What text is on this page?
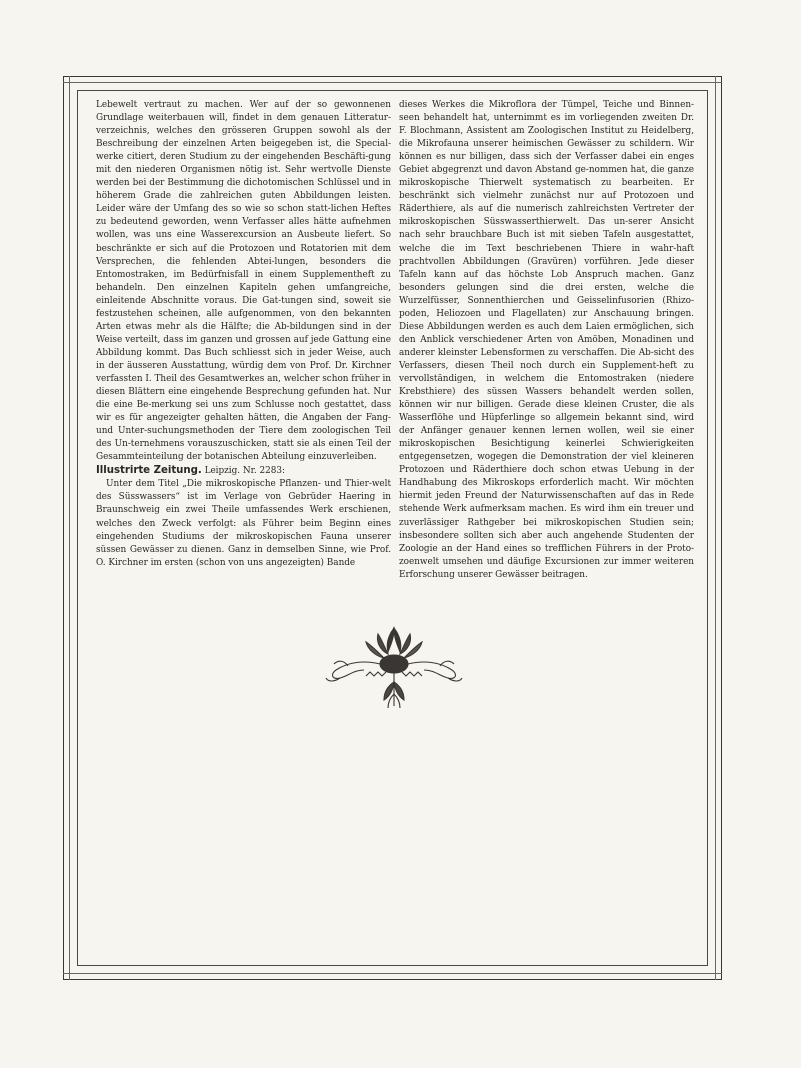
Lebewelt vertraut zu machen. Wer auf der so gewonnenen Grundlage weiterbauen will, findet in dem genauen Litteratur-verzeichnis, welches den grösseren Gruppen sowohl als der Beschreibung der einzelnen Arten beigegeben ist, die Special-werke citiert, deren Studium zu der eingehenden Beschäfti-gung mit den niederen Organismen nötig ist. Sehr wertvolle Dienste werden bei der Bestimmung die dichotomischen Schlüssel und in höherem Grade die zahlreichen guten Abbildungen leisten. Leider wäre der Umfang des so wie so schon statt-lichen Heftes zu bedeutend geworden, wenn Verfasser alles hätte aufnehmen wollen, was uns eine Wasserexcursion an Ausbeute liefert. So beschränkte er sich auf die Protozoen und Rotatorien mit dem Versprechen, die fehlenden Abtei-lungen, besonders die Entomostraken, im Bedürfnisfall in einem Supplementheft zu behandeln. Den einzelnen Kapiteln gehen umfangreiche, einleitende Abschnitte voraus. Die Gat-tungen sind, soweit sie festzustehen scheinen, alle aufgenommen, von den bekannten Arten etwas mehr als die Hälfte; die Ab-bildungen sind in der Weise verteilt, dass im ganzen und grossen auf jede Gattung eine Abbildung kommt. Das Buch schliesst sich in jeder Weise, auch in der äusseren Ausstattung, würdig dem von Prof. Dr. Kirchner verfassten I. Theil des Gesamtwerkes an, welcher schon früher in diesen Blättern eine eingehende Besprechung gefunden hat. Nur die eine Be-merkung sei uns zum Schlusse noch gestattet, dass wir es für angezeigter gehalten hätten, die Angaben der Fang- und Unter-suchungsmethoden der Tiere dem zoologischen Teil des Un-ternehmens vorauszuschicken, statt sie als einen Teil der Gesammteinteilung der botanischen Abteilung einzuverleiben.

Illustrirte Zeitung. Leipzig. Nr. 2283:

Unter dem Titel „Die mikroskopische Pflanzen- und Thier-welt des Süsswassers“ ist im Verlage von Gebrüder Haering in Braunschweig ein zwei Theile umfassendes Werk erschienen, welches den Zweck verfolgt: als Führer beim Beginn eines eingehenden Studiums der mikroskopischen Fauna unserer süssen Gewässer zu dienen. Ganz in demselben Sinne, wie Prof. O. Kirchner im ersten (schon von uns angezeigten) Bande

dieses Werkes die Mikroflora der Tümpel, Teiche und Binnen-seen behandelt hat, unternimmt es im vorliegenden zweiten Dr. F. Blochmann, Assistent am Zoologischen Institut zu Heidelberg, die Mikrofauna unserer heimischen Gewässer zu schildern. Wir können es nur billigen, dass sich der Verfasser dabei ein enges Gebiet abgegrenzt und davon Abstand ge-nommen hat, die ganze mikroskopische Thierwelt systematisch zu bearbeiten. Er beschränkt sich vielmehr zunächst nur auf Protozoen und Räderthiere, als auf die numerisch zahlreichsten Vertreter der mikroskopischen Süsswasserthierwelt. Das un-serer Ansicht nach sehr brauchbare Buch ist mit sieben Tafeln ausgestattet, welche die im Text beschriebenen Thiere in wahr-haft prachtvollen Abbildungen (Gravüren) vorführen. Jede dieser Tafeln kann auf das höchste Lob Anspruch machen. Ganz besonders gelungen sind die drei ersten, welche die Wurzelfüsser, Sonnenthierchen und Geisselinfusorien (Rhizo-poden, Heliozoen und Flagellaten) zur Anschauung bringen. Diese Abbildungen werden es auch dem Laien ermöglichen, sich den Anblick verschiedener Arten von Amöben, Monadinen und anderer kleinster Lebensformen zu verschaffen. Die Ab-sicht des Verfassers, diesen Theil noch durch ein Supplement-heft zu vervollständigen, in welchem die Entomostraken (niedere Krebsthiere) des süssen Wassers behandelt werden sollen, können wir nur billigen. Gerade diese kleinen Cruster, die als Wasserflöhe und Hüpferlinge so allgemein bekannt sind, wird der Anfänger genauer kennen lernen wollen, weil sie einer mikroskopischen Besichtigung keinerlei Schwierigkeiten entgegensetzen, wogegen die Demonstration der viel kleineren Protozoen und Räderthiere doch schon etwas Uebung in der Handhabung des Mikroskops erforderlich macht. Wir möchten hiermit jeden Freund der Naturwissenschaften auf das in Rede stehende Werk aufmerksam machen. Es wird ihm ein treuer und zuverlässiger Rathgeber bei mikroskopischen Studien sein; insbesondere sollten sich aber auch angehende Studenten der Zoologie an der Hand eines so trefflichen Führers in der Proto-zoenwelt umsehen und däufige Excursionen zur immer weiteren Erforschung unserer Gewässer beitragen.
